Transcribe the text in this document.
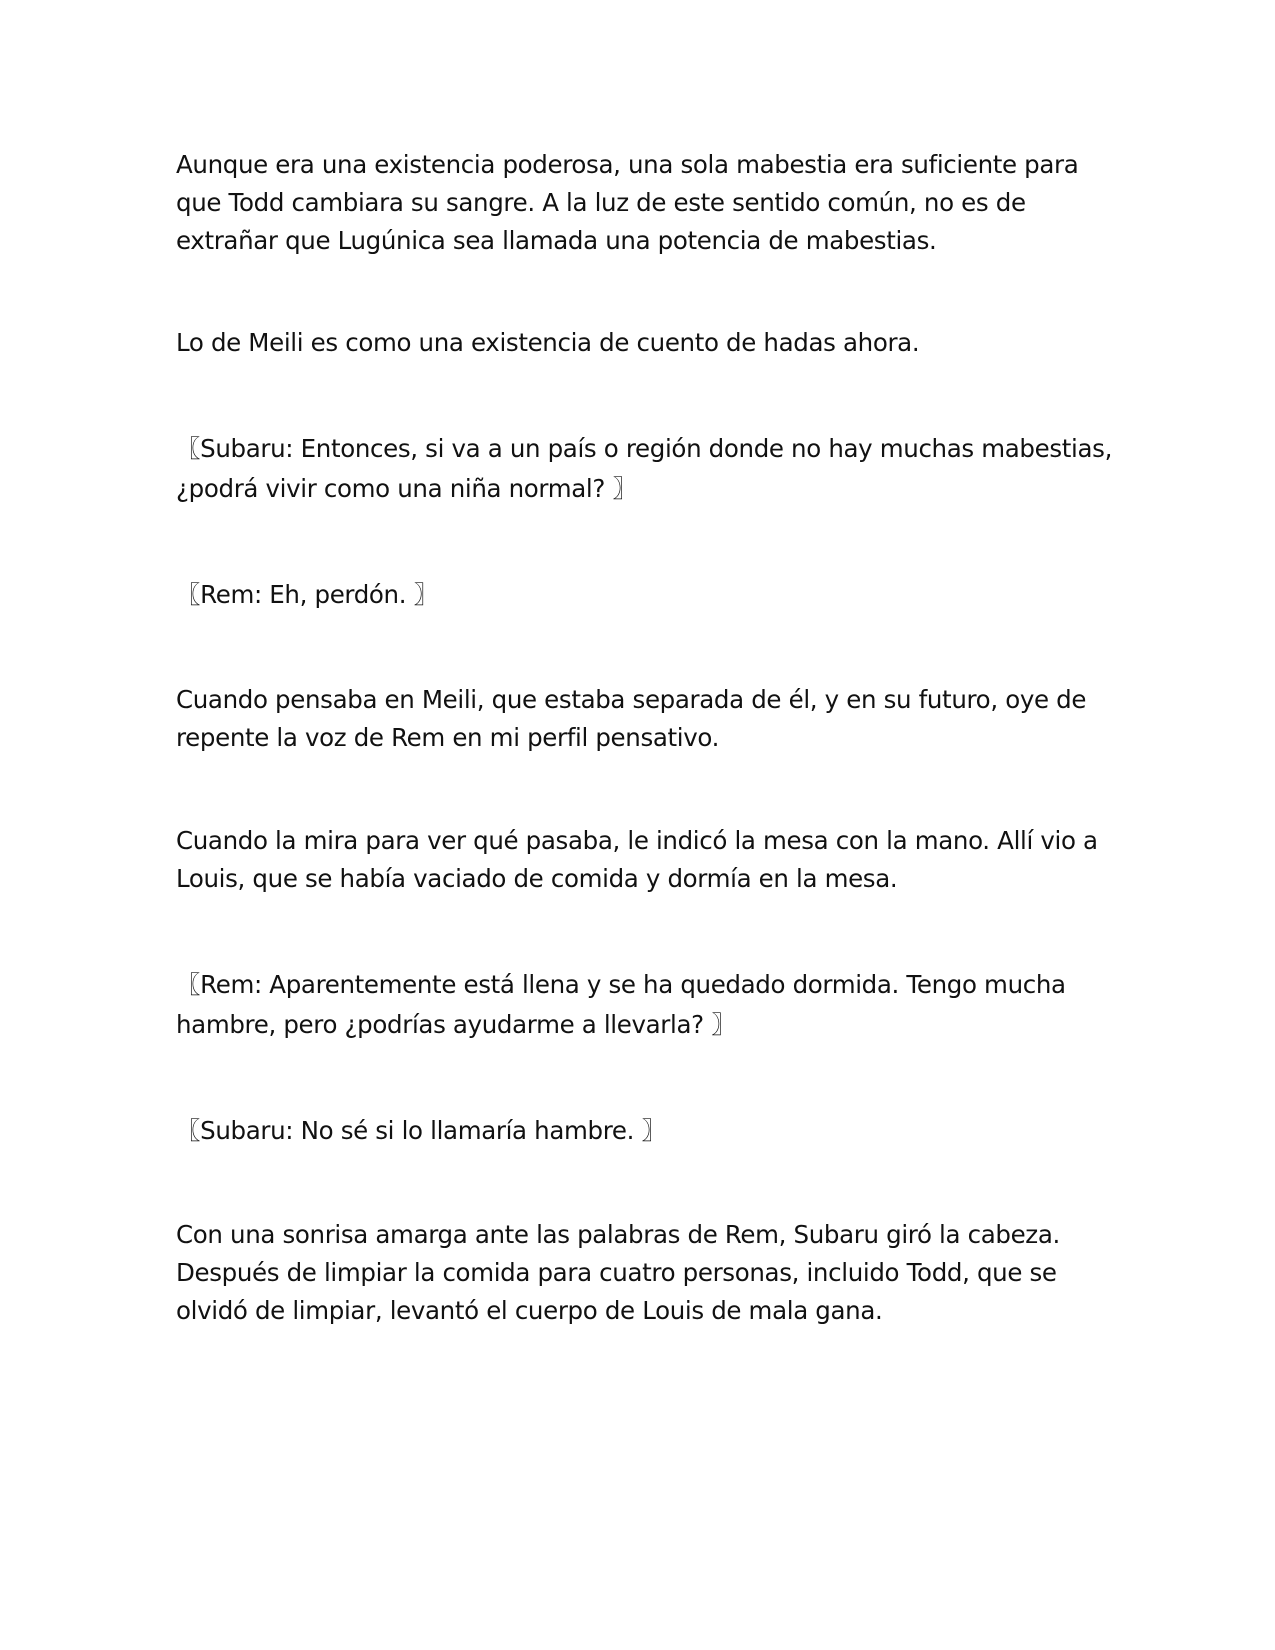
Aunque era una existencia poderosa, una sola mabestia era suficiente para
que Todd cambiara su sangre. A la luz de este sentido común, no es de
extrañar que Lugúnica sea llamada una potencia de mabestias.

Lo de Meili es como una existencia de cuento de hadas ahora.

〖Subaru: Entonces, si va a un país o región donde no hay muchas mabestias,
¿podrá vivir como una niña normal? 〗

〖Rem: Eh, perdón. 〗

Cuando pensaba en Meili, que estaba separada de él, y en su futuro, oye de
repente la voz de Rem en mi perfil pensativo.

Cuando la mira para ver qué pasaba, le indicó la mesa con la mano. Allí vio a
Louis, que se había vaciado de comida y dormía en la mesa.

〖Rem: Aparentemente está llena y se ha quedado dormida. Tengo mucha
hambre, pero ¿podrías ayudarme a llevarla? 〗

〖Subaru: No sé si lo llamaría hambre. 〗

Con una sonrisa amarga ante las palabras de Rem, Subaru giró la cabeza.
Después de limpiar la comida para cuatro personas, incluido Todd, que se
olvidó de limpiar, levantó el cuerpo de Louis de mala gana.
